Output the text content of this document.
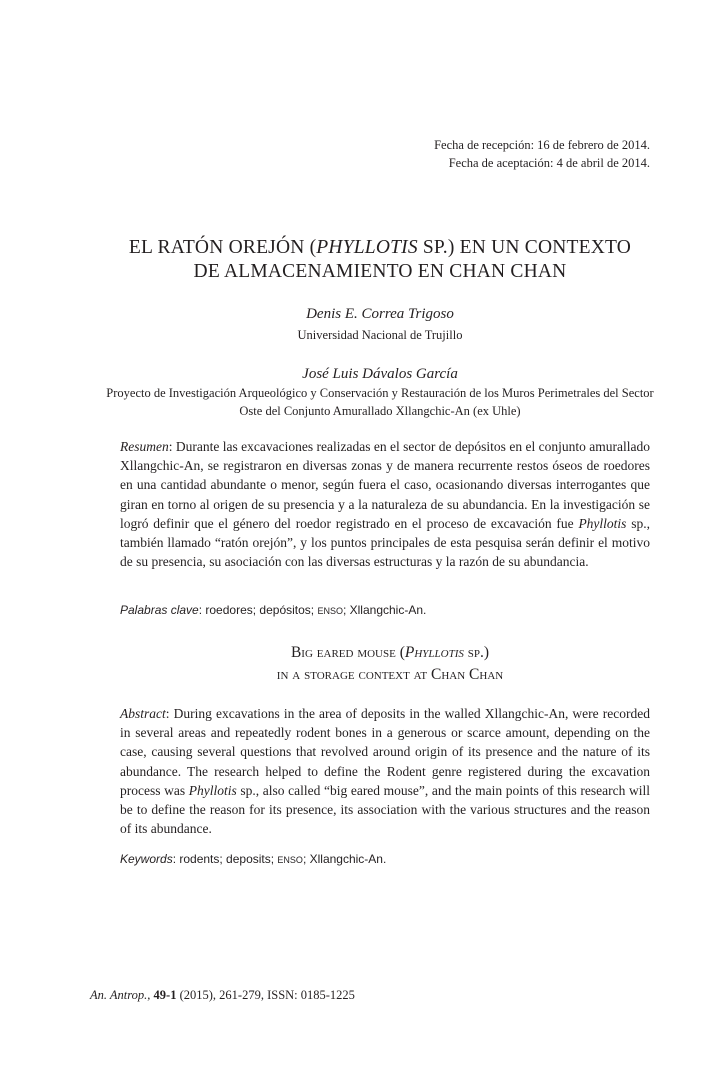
Fecha de recepción: 16 de febrero de 2014.
Fecha de aceptación: 4 de abril de 2014.
EL RATÓN OREJÓN (PHYLLOTIS SP.) EN UN CONTEXTO
DE ALMACENAMIENTO EN CHAN CHAN
Denis E. Correa Trigoso
Universidad Nacional de Trujillo
José Luis Dávalos García
Proyecto de Investigación Arqueológico y Conservación y Restauración de los Muros Perimetrales del Sector
Oste del Conjunto Amurallado Xllangchic-An (ex Uhle)
Resumen: Durante las excavaciones realizadas en el sector de depósitos en el conjunto amurallado Xllangchic-An, se registraron en diversas zonas y de manera recurrente restos óseos de roedores en una cantidad abundante o menor, según fuera el caso, ocasionando diversas interrogantes que giran en torno al origen de su presencia y a la naturaleza de su abundancia. En la investigación se logró definir que el género del roedor registrado en el proceso de excavación fue Phyllotis sp., también llamado “ratón orejón”, y los puntos principales de esta pesquisa serán definir el motivo de su presencia, su asociación con las diversas estructuras y la razón de su abundancia.
Palabras clave: roedores; depósitos; ENSO; Xllangchic-An.
Big eared mouse (Phyllotis sp.)
in a storage context at Chan Chan
Abstract: During excavations in the area of deposits in the walled Xllangchic-An, were recorded in several areas and repeatedly rodent bones in a generous or scarce amount, depending on the case, causing several questions that revolved around origin of its presence and the nature of its abundance. The research helped to define the Rodent genre registered during the excavation process was Phyllotis sp., also called “big eared mouse”, and the main points of this research will be to define the reason for its presence, its association with the various structures and the reason of its abundance.
Keywords: rodents; deposits; ENSO; Xllangchic-An.
An. Antrop., 49-1 (2015), 261-279, ISSN: 0185-1225
